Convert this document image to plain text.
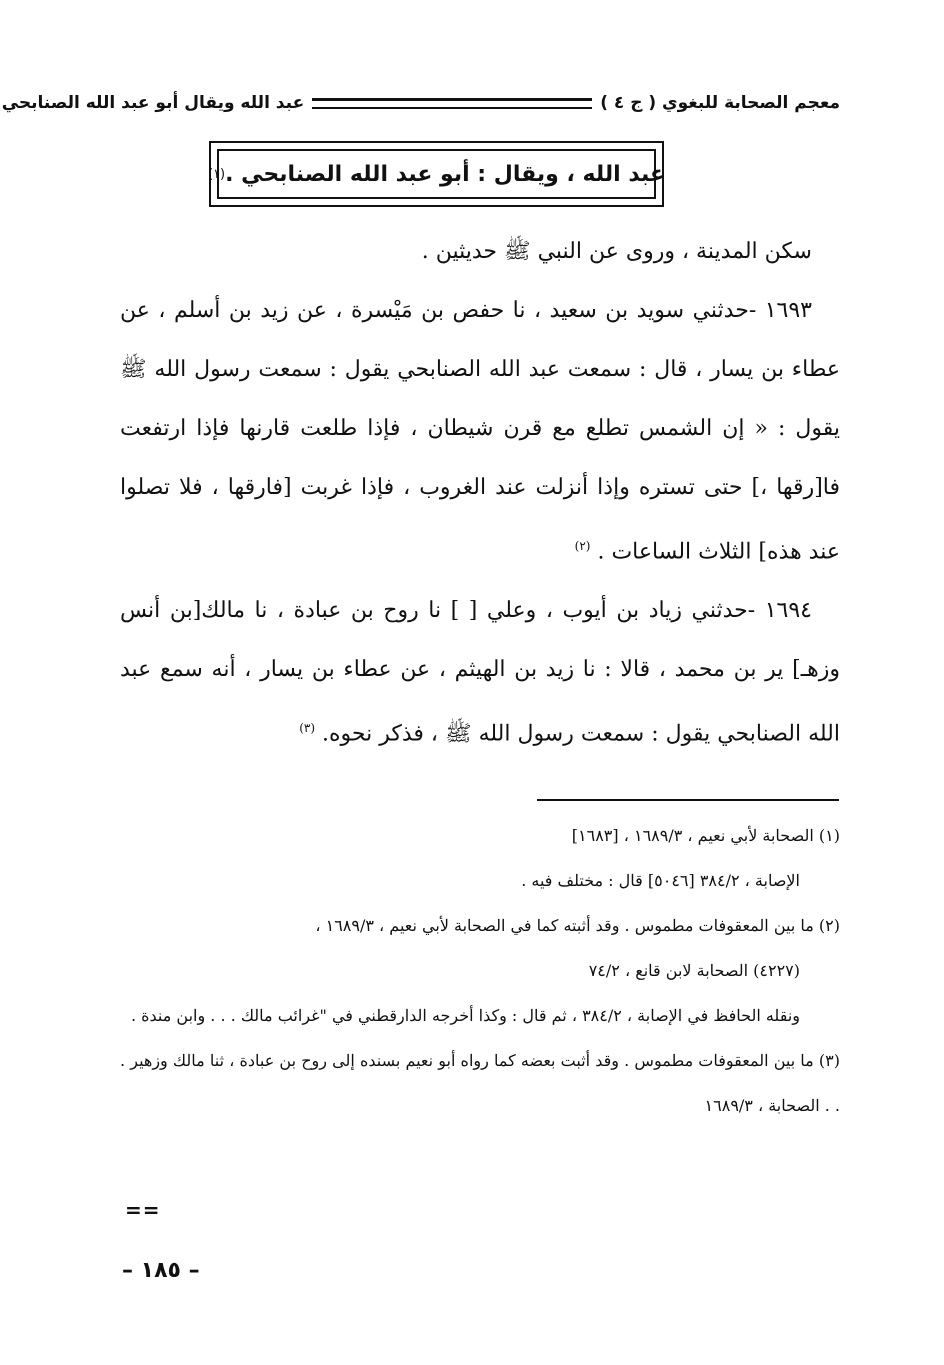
معجم الصحابة للبغوي ( ج ٤ )
عبد الله ويقال أبو عبد الله الصنابحي
عبد الله ، ويقال : أبو عبد الله الصنابحي .
(١)

سكن المدينة ، وروى عن النبي ﷺ حديثين .

١٦٩٣ -حدثني سويد بن سعيد ، نا حفص بن مَيْسرة ، عن زيد بن أسلم ، عن عطاء بن يسار ، قال : سمعت عبد الله الصنابحي يقول : سمعت رسول الله ﷺ يقول : « إن الشمس تطلع مع قرن شيطان ، فإذا طلعت قارنها فإذا ارتفعت فا[رقها ،] حتى تستره وإذا أنزلت عند الغروب ، فإذا غربت [فارقها ، فلا تصلوا عند هذه] الثلاث الساعات . $^{(٢)}$

١٦٩٤ -حدثني زياد بن أيوب ، وعلي [ ] نا روح بن عبادة ، نا مالك[بن أنس وزهـ] ير بن محمد ، قالا : نا زيد بن الهيثم ، عن عطاء بن يسار ، أنه سمع عبد الله الصنابحي يقول : سمعت رسول الله ﷺ ، فذكر نحوه. $^{(٣)}$

(١) الصحابة لأبي نعيم ، ١٦٨٩/٣ ، [١٦٨٣]

الإصابة ، ٣٨٤/٢ [٥٠٤٦] قال : مختلف فيه .

(٢) ما بين المعقوفات مطموس . وقد أثبته كما في الصحابة لأبي نعيم ، ١٦٨٩/٣ ،

(٤٢٢٧) الصحابة لابن قانع ، ٧٤/٢

ونقله الحافظ في الإصابة ، ٣٨٤/٢ ، ثم قال : وكذا أخرجه الدارقطني في "غرائب مالك . . . وابن مندة .

(٣) ما بين المعقوفات مطموس . وقد أثبت بعضه كما رواه أبو نعيم بسنده إلى روح بن عبادة ، ثنا مالك وزهير . . . الصحابة ، ١٦٨٩/٣

==
– ١٨٥ –
